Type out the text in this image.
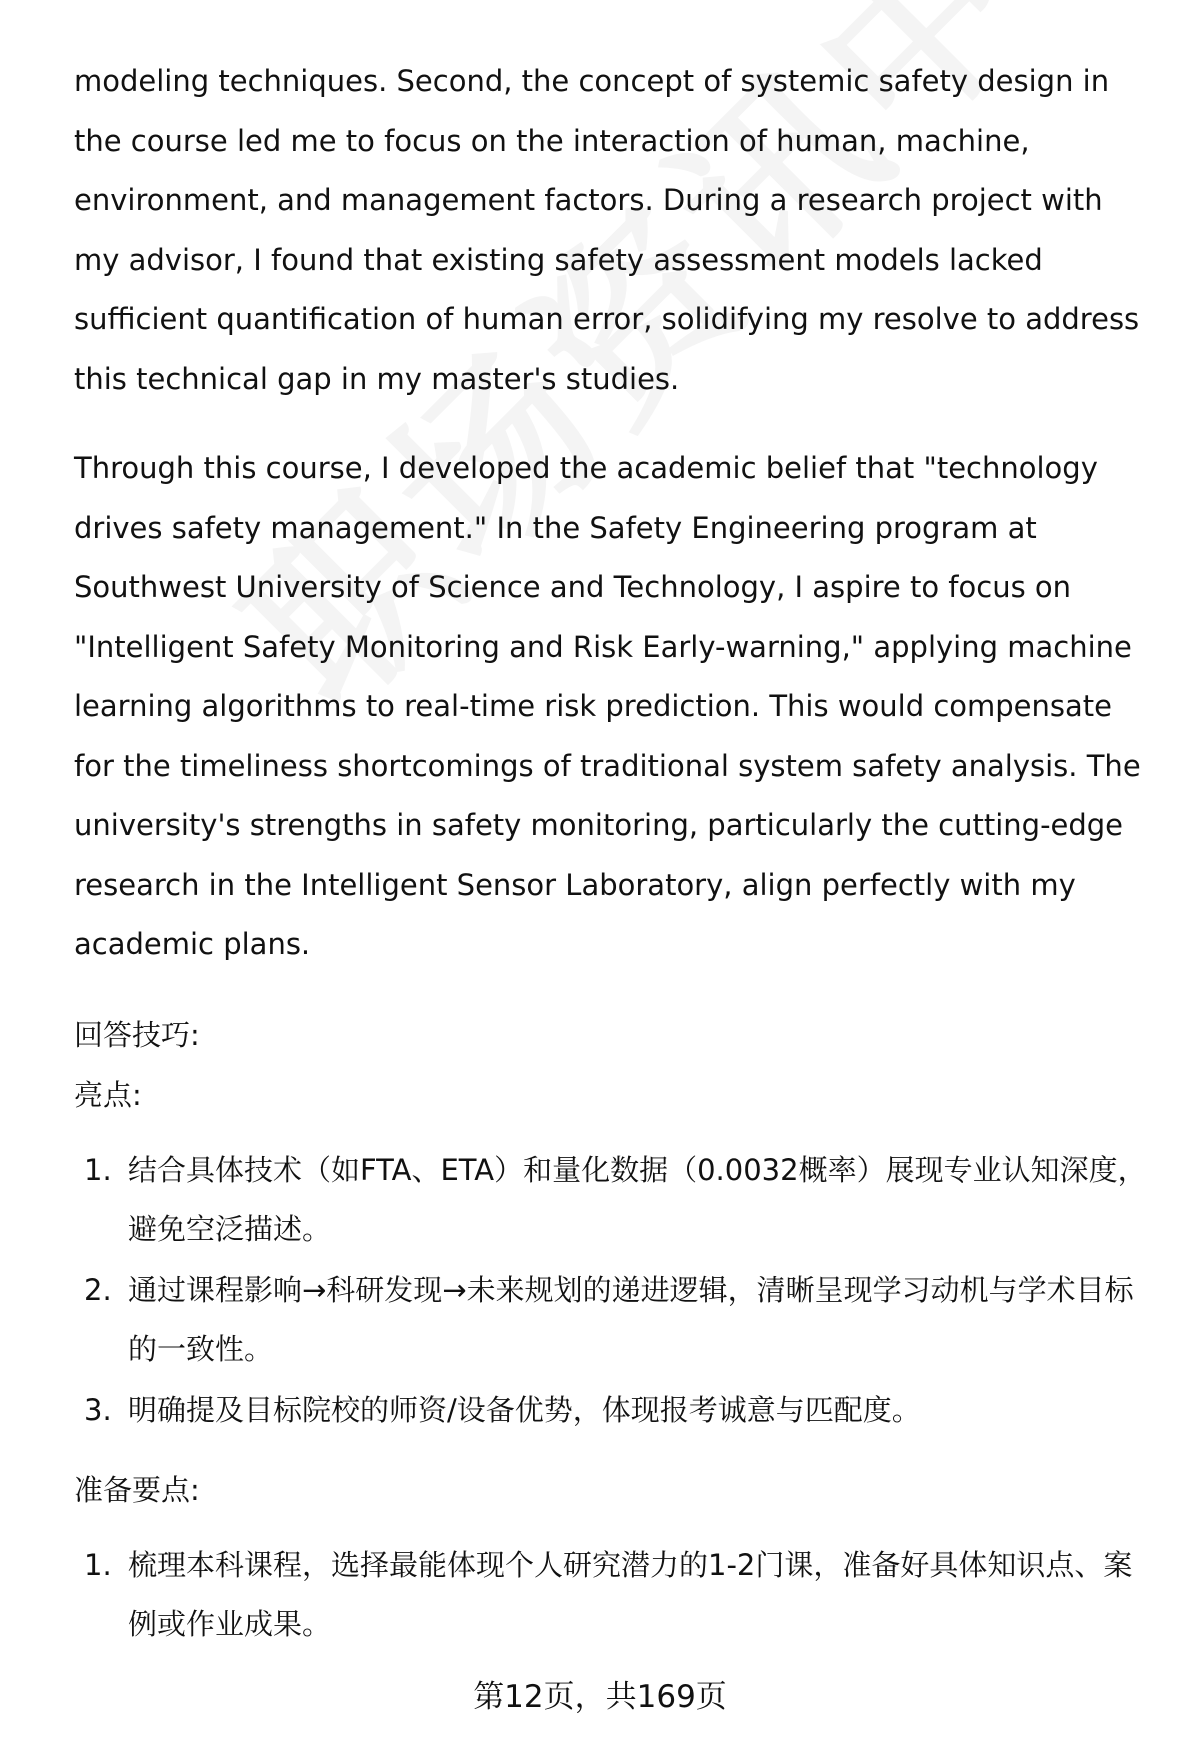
modeling techniques. Second, the concept of systemic safety design in the course led me to focus on the interaction of human, machine, environment, and management factors. During a research project with my advisor, I found that existing safety assessment models lacked sufficient quantification of human error, solidifying my resolve to address this technical gap in my master's studies.

Through this course, I developed the academic belief that "technology drives safety management." In the Safety Engineering program at Southwest University of Science and Technology, I aspire to focus on "Intelligent Safety Monitoring and Risk Early-warning," applying machine learning algorithms to real-time risk prediction. This would compensate for the timeliness shortcomings of traditional system safety analysis. The university's strengths in safety monitoring, particularly the cutting-edge research in the Intelligent Sensor Laboratory, align perfectly with my academic plans.

回答技巧:

亮点:

1. 结合具体技术（如FTA、ETA）和量化数据（0.0032概率）展现专业认知深度，避免空泛描述。
2. 通过课程影响→科研发现→未来规划的递进逻辑，清晰呈现学习动机与学术目标的一致性。
3. 明确提及目标院校的师资/设备优势，体现报考诚意与匹配度。

准备要点:

1. 梳理本科课程，选择最能体现个人研究潜力的1-2门课，准备好具体知识点、案例或作业成果。
第12页，共169页
